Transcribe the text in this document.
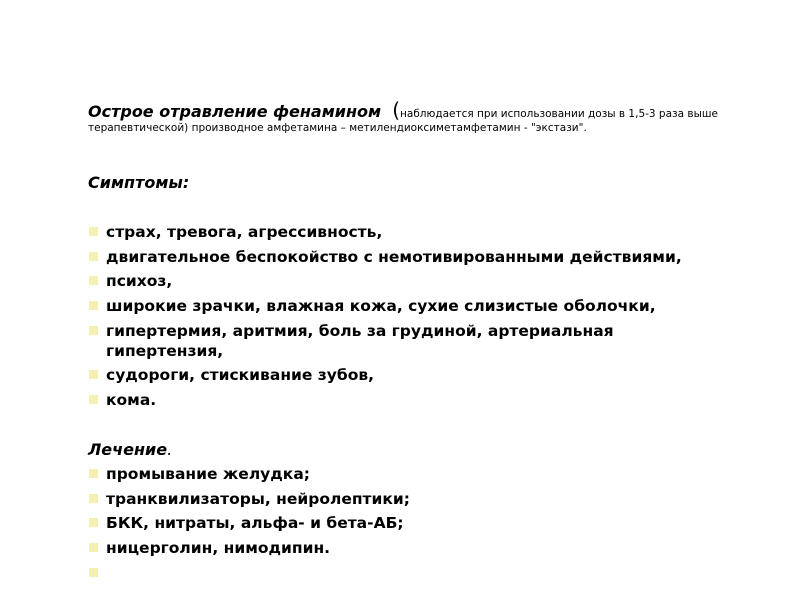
Острое отравление фенамином (наблюдается при использовании дозы в 1,5-3 раза выше
терапевтической) производное амфетамина – метилендиоксиметамфетамин - "экстази".
Симптомы:
страх, тревога, агрессивность,
двигательное беспокойство с немотивированными действиями,
психоз,
широкие зрачки, влажная кожа, сухие слизистые оболочки,
гипертермия, аритмия, боль за грудиной, артериальная гипертензия,
судороги, стискивание зубов,
кома.
Лечение.
промывание желудка;
транквилизаторы, нейролептики;
БКК, нитраты, альфа- и бета-АБ;
ницерголин, нимодипин.
